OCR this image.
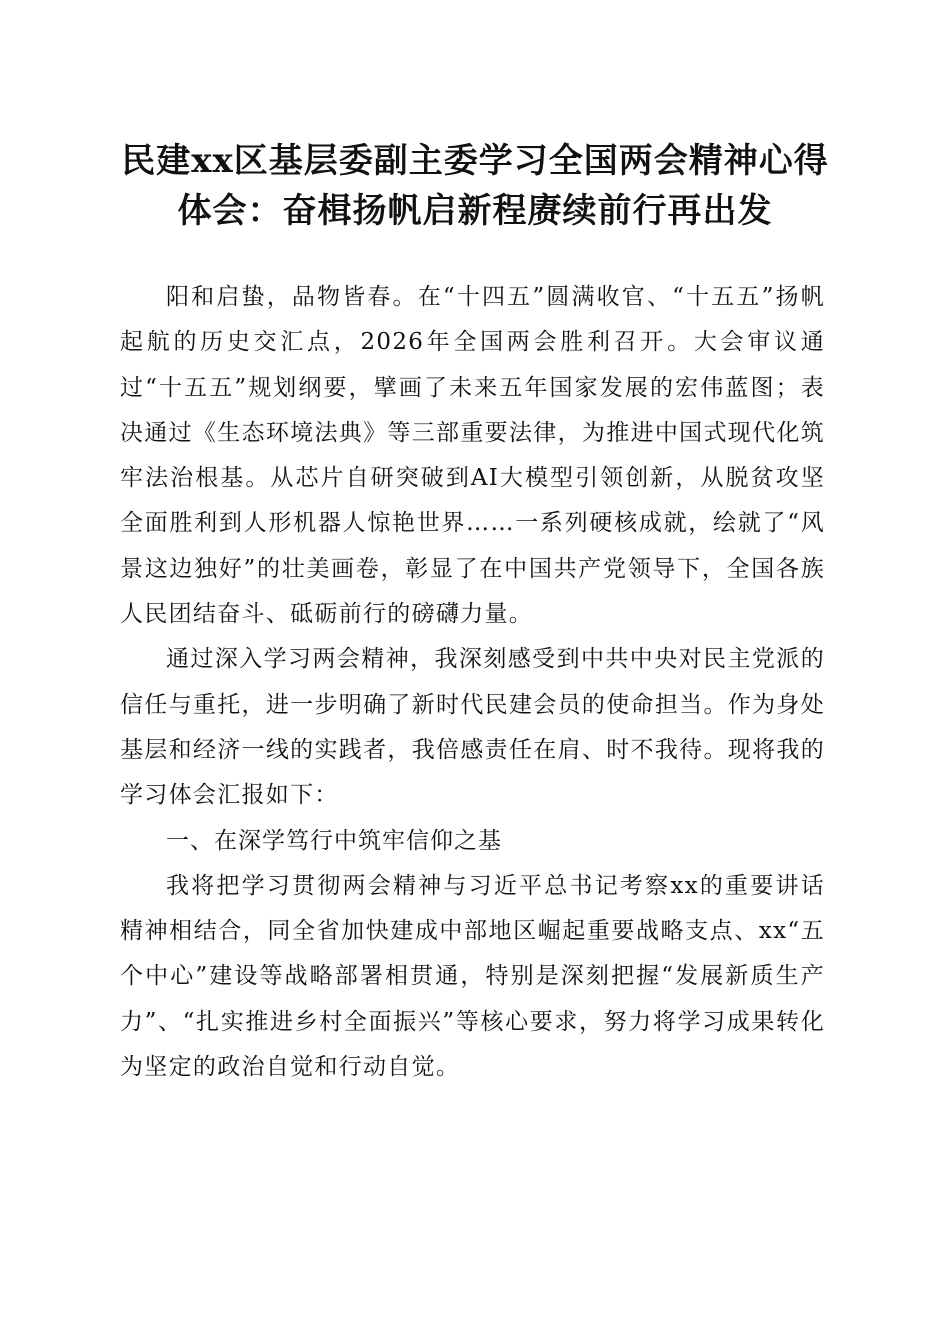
民建xx区基层委副主委学习全国两会精神心得体会：奋楫扬帆启新程赓续前行再出发

阳和启蛰，品物皆春。在“十四五”圆满收官、“十五五”扬帆起航的历史交汇点，2026年全国两会胜利召开。大会审议通过“十五五”规划纲要，擘画了未来五年国家发展的宏伟蓝图；表决通过《生态环境法典》等三部重要法律，为推进中国式现代化筑牢法治根基。从芯片自研突破到AI大模型引领创新，从脱贫攻坚全面胜利到人形机器人惊艳世界……一系列硬核成就，绘就了“风景这边独好”的壮美画卷，彰显了在中国共产党领导下，全国各族人民团结奋斗、砥砺前行的磅礴力量。

通过深入学习两会精神，我深刻感受到中共中央对民主党派的信任与重托，进一步明确了新时代民建会员的使命担当。作为身处基层和经济一线的实践者，我倍感责任在肩、时不我待。现将我的学习体会汇报如下：

一、在深学笃行中筑牢信仰之基

我将把学习贯彻两会精神与习近平总书记考察xx的重要讲话精神相结合，同全省加快建成中部地区崛起重要战略支点、xx“五个中心”建设等战略部署相贯通，特别是深刻把握“发展新质生产力”、“扎实推进乡村全面振兴”等核心要求，努力将学习成果转化为坚定的政治自觉和行动自觉。
